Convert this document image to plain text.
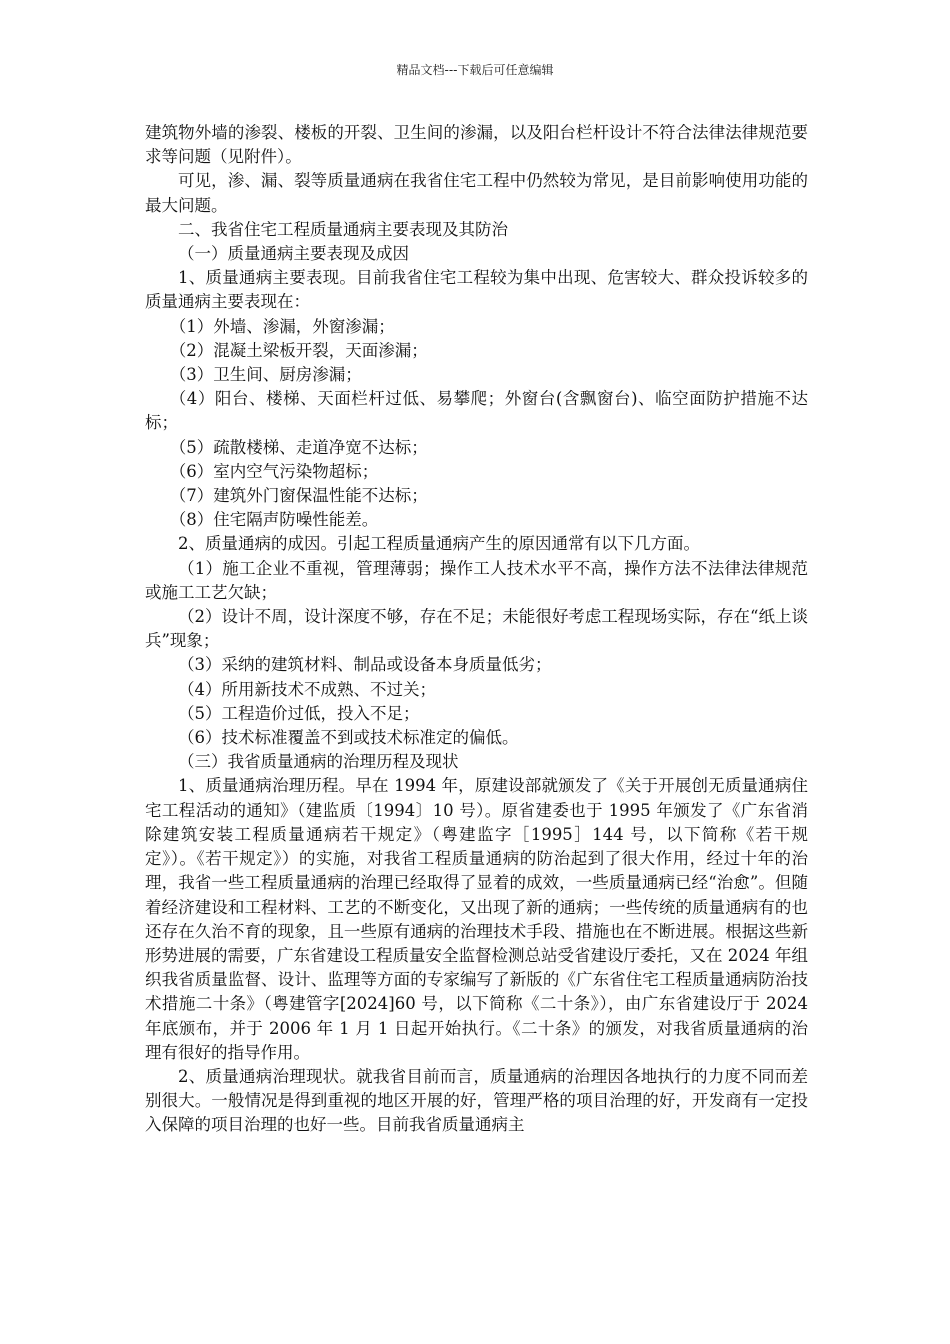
精品文档---下载后可任意编辑

建筑物外墙的渗裂、楼板的开裂、卫生间的渗漏，以及阳台栏杆设计不符合法律法律规范要求等问题（见附件）。

可见，渗、漏、裂等质量通病在我省住宅工程中仍然较为常见，是目前影响使用功能的最大问题。

二、我省住宅工程质量通病主要表现及其防治

（一）质量通病主要表现及成因

1、质量通病主要表现。目前我省住宅工程较为集中出现、危害较大、群众投诉较多的质量通病主要表现在：

（1）外墙、渗漏，外窗渗漏；

（2）混凝土梁板开裂，天面渗漏；

（3）卫生间、厨房渗漏；

（4）阳台、楼梯、天面栏杆过低、易攀爬；外窗台(含飘窗台)、临空面防护措施不达标；

（5）疏散楼梯、走道净宽不达标；

（6）室内空气污染物超标；

（7）建筑外门窗保温性能不达标；

（8）住宅隔声防噪性能差。

2、质量通病的成因。引起工程质量通病产生的原因通常有以下几方面。

（1）施工企业不重视，管理薄弱；操作工人技术水平不高，操作方法不法律法律规范或施工工艺欠缺；

（2）设计不周，设计深度不够，存在不足；未能很好考虑工程现场实际，存在“纸上谈兵”现象；

（3）采纳的建筑材料、制品或设备本身质量低劣；

（4）所用新技术不成熟、不过关；

（5）工程造价过低，投入不足；

（6）技术标准覆盖不到或技术标准定的偏低。

（三）我省质量通病的治理历程及现状

1、质量通病治理历程。早在 1994 年，原建设部就颁发了《关于开展创无质量通病住宅工程活动的通知》（建监质〔1994〕10 号）。原省建委也于 1995 年颁发了《广东省消除建筑安装工程质量通病若干规定》（粤建监字［1995］144 号，以下简称《若干规定》）。《若干规定》）的实施，对我省工程质量通病的防治起到了很大作用，经过十年的治理，我省一些工程质量通病的治理已经取得了显着的成效，一些质量通病已经“治愈”。但随着经济建设和工程材料、工艺的不断变化，又出现了新的通病；一些传统的质量通病有的也还存在久治不育的现象，且一些原有通病的治理技术手段、措施也在不断进展。根据这些新形势进展的需要，广东省建设工程质量安全监督检测总站受省建设厅委托，又在 2024 年组织我省质量监督、设计、监理等方面的专家编写了新版的《广东省住宅工程质量通病防治技术措施二十条》（粤建管字[2024]60 号，以下简称《二十条》），由广东省建设厅于 2024 年底颁布，并于 2006 年 1 月 1 日起开始执行。《二十条》的颁发，对我省质量通病的治理有很好的指导作用。

2、质量通病治理现状。就我省目前而言，质量通病的治理因各地执行的力度不同而差别很大。一般情况是得到重视的地区开展的好，管理严格的项目治理的好，开发商有一定投入保障的项目治理的也好一些。目前我省质量通病主
